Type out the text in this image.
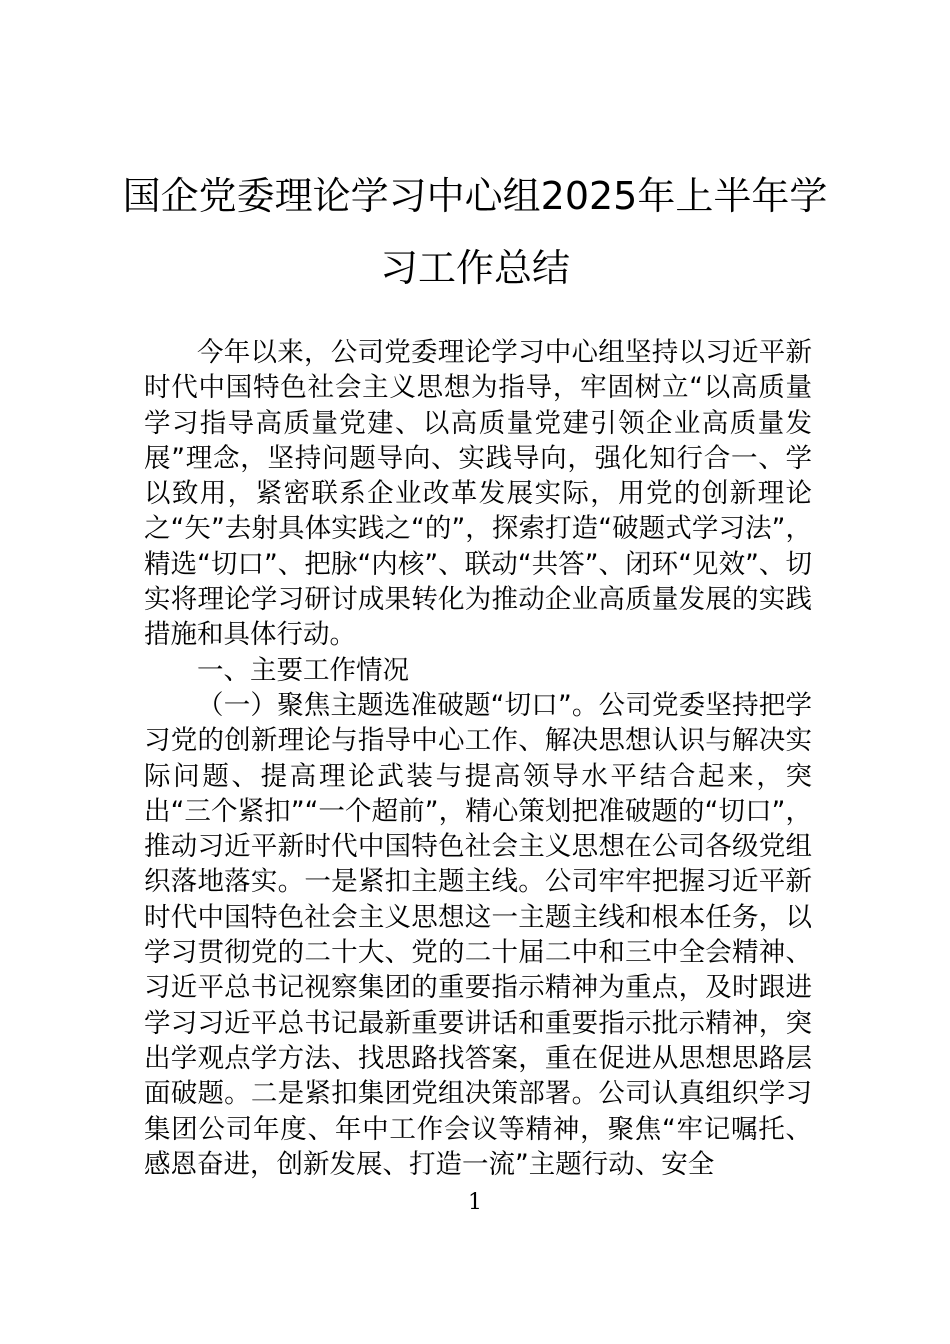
国企党委理论学习中心组2025年上半年学
习工作总结

今年以来，公司党委理论学习中心组坚持以习近平新时代中国特色社会主义思想为指导，牢固树立“以高质量学习指导高质量党建、以高质量党建引领企业高质量发展”理念，坚持问题导向、实践导向，强化知行合一、学以致用，紧密联系企业改革发展实际，用党的创新理论之“矢”去射具体实践之“的”，探索打造“破题式学习法”，精选“切口”、把脉“内核”、联动“共答”、闭环“见效”、切实将理论学习研讨成果转化为推动企业高质量发展的实践措施和具体行动。

一、主要工作情况

（一）聚焦主题选准破题“切口”。公司党委坚持把学习党的创新理论与指导中心工作、解决思想认识与解决实际问题、提高理论武装与提高领导水平结合起来，突出“三个紧扣”“一个超前”，精心策划把准破题的“切口”，推动习近平新时代中国特色社会主义思想在公司各级党组织落地落实。一是紧扣主题主线。公司牢牢把握习近平新时代中国特色社会主义思想这一主题主线和根本任务，以学习贯彻党的二十大、党的二十届二中和三中全会精神、习近平总书记视察集团的重要指示精神为重点，及时跟进学习习近平总书记最新重要讲话和重要指示批示精神，突出学观点学方法、找思路找答案，重在促进从思想思路层面破题。二是紧扣集团党组决策部署。公司认真组织学习集团公司年度、年中工作会议等精神，聚焦“牢记嘱托、感恩奋进，创新发展、打造一流”主题行动、安全

1
